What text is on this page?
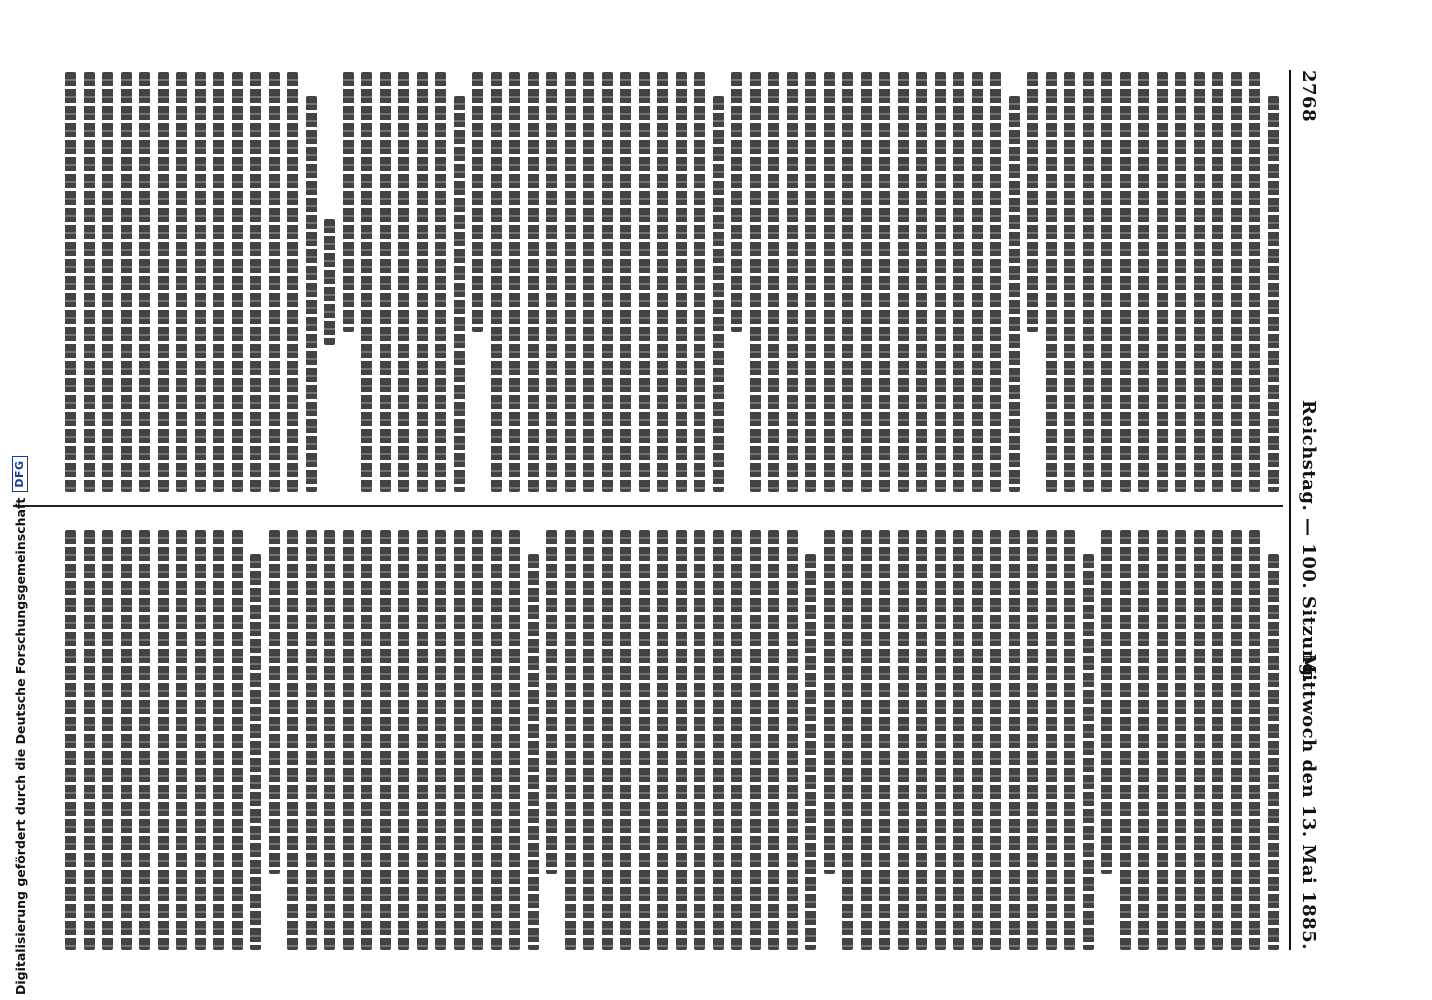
2768
Reichstag. — 100. Sitzung.
Mittwoch den 13. Mai 1885.
Digitalisierung gefördert durch die Deutsche Forschungsgemeinschaft
DFG
